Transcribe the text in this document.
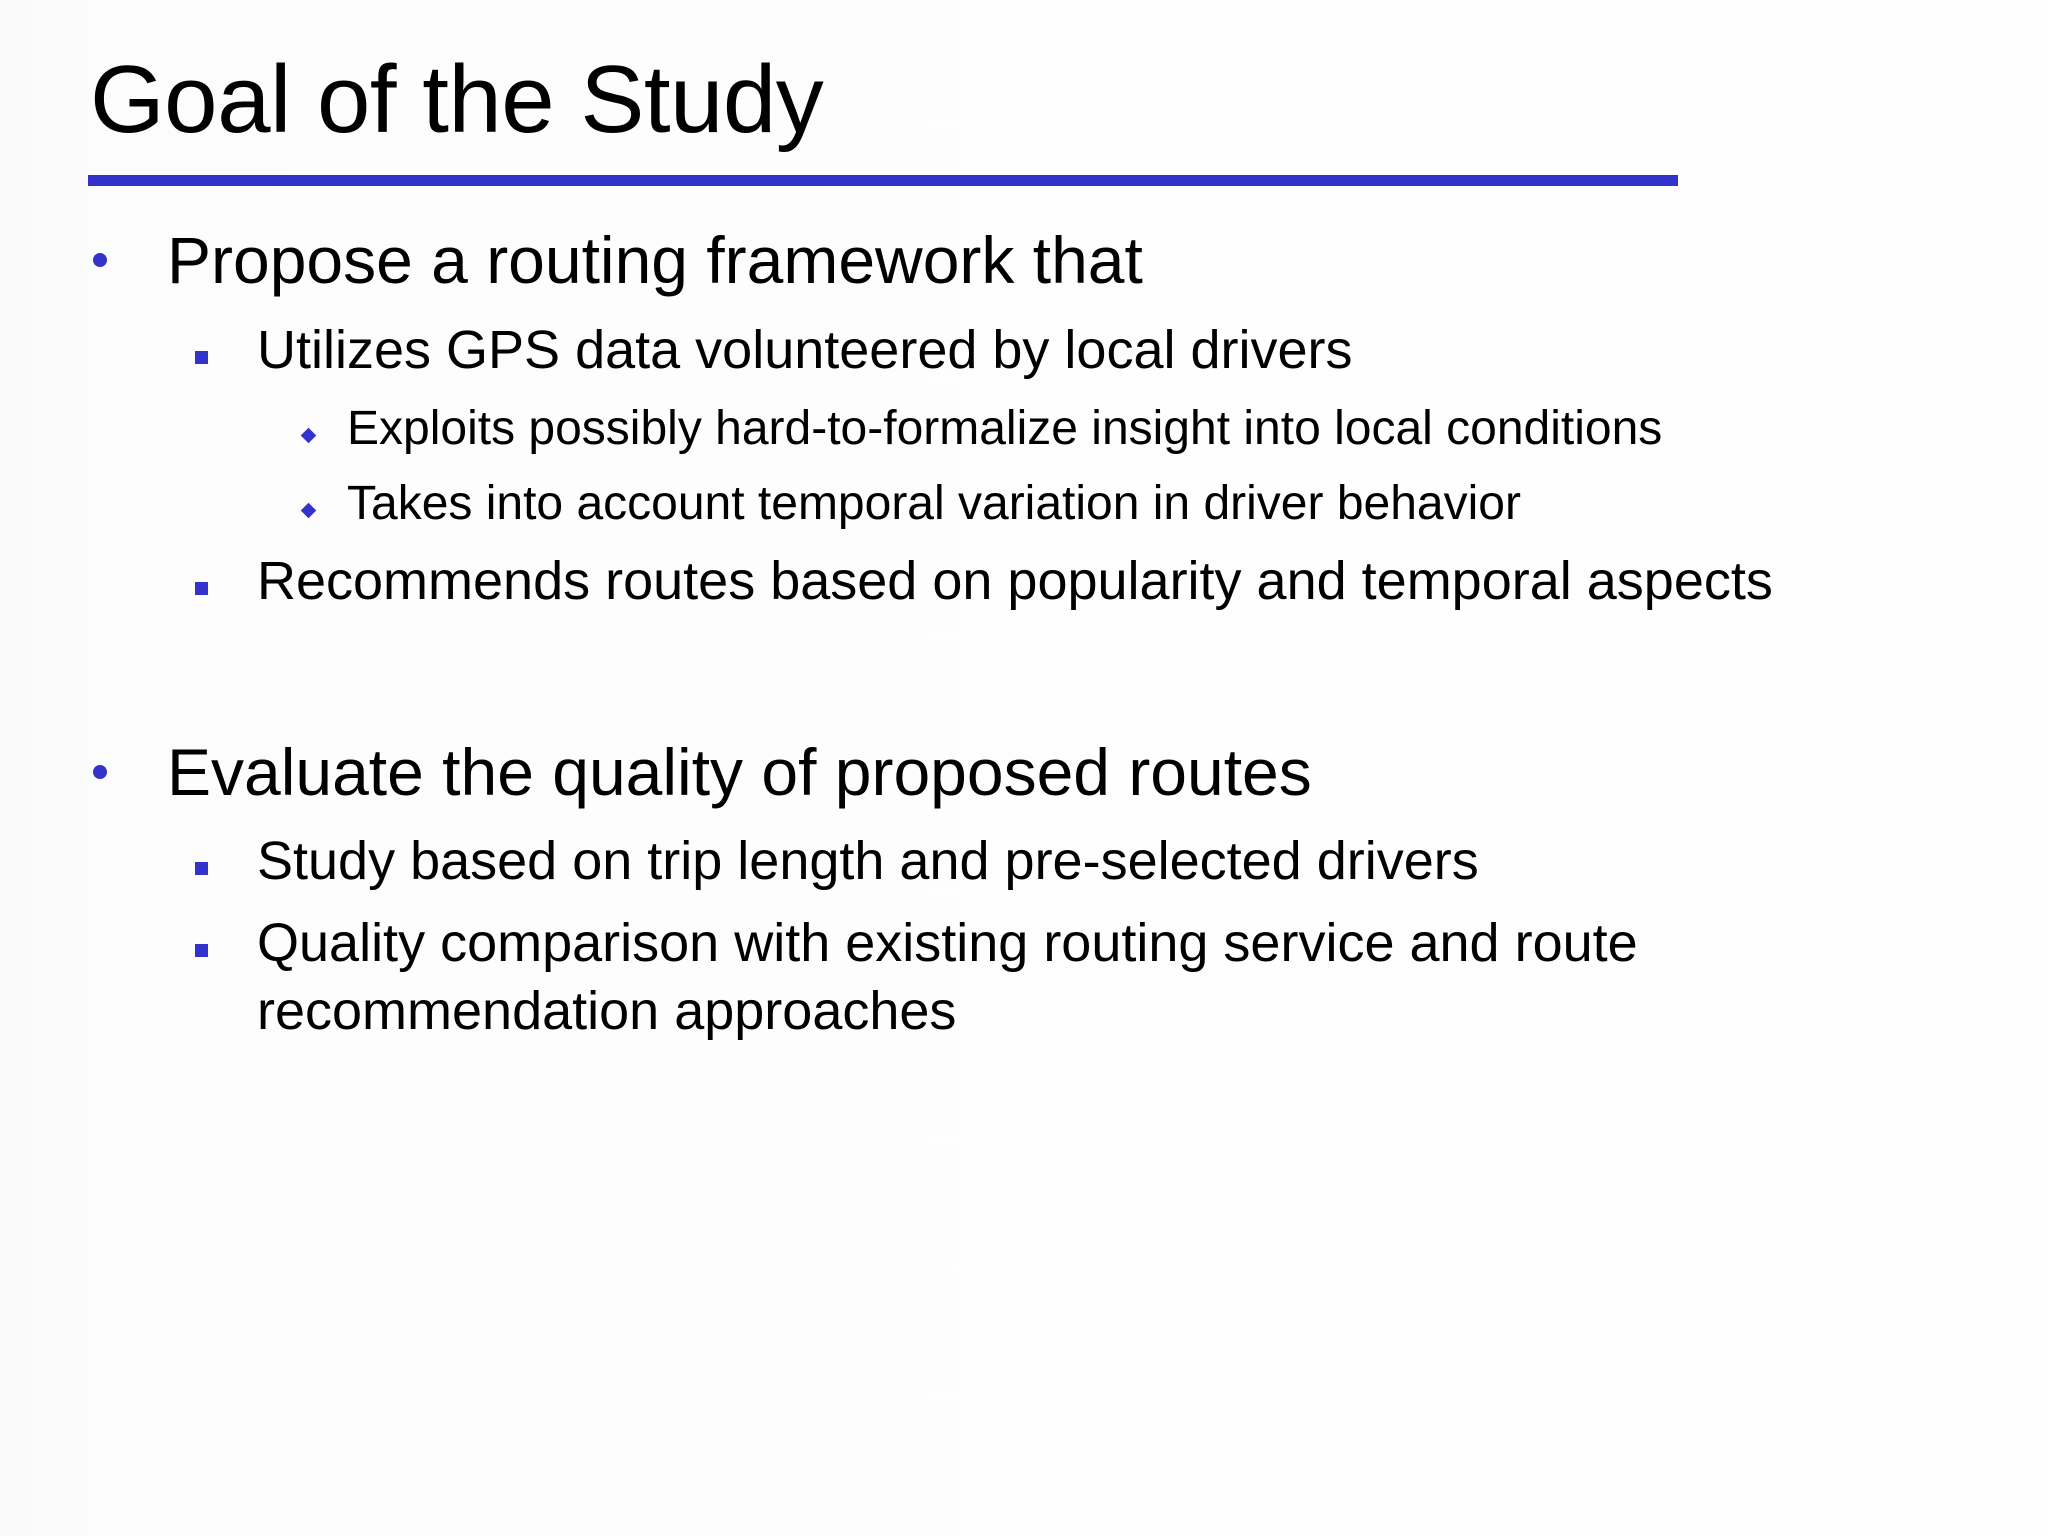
Goal of the Study
Propose a routing framework that
Utilizes GPS data volunteered by local drivers
Exploits possibly hard-to-formalize insight into local conditions
Takes into account temporal variation in driver behavior
Recommends routes based on popularity and temporal aspects
Evaluate the quality of proposed routes
Study based on trip length and pre-selected drivers
Quality comparison with existing routing service and route
recommendation approaches
